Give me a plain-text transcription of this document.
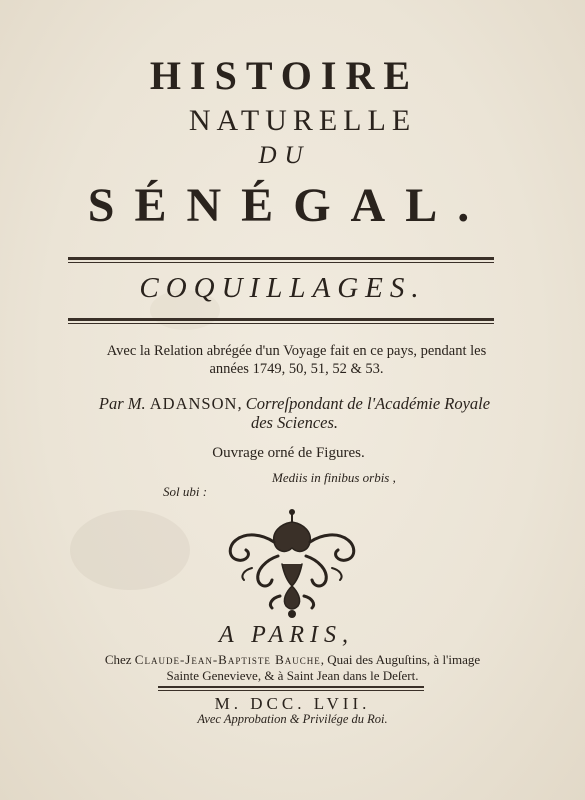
HISTOIRE
NATURELLE
DU
SÉNÉGAL.
COQUILLAGES.
Avec la Relation abrégée d'un Voyage fait en ce pays, pendant les
années 1749, 50, 51, 52 & 53.
Par M. ADANSON, Correſpondant de l'Académie Royale
des Sciences.
Ouvrage orné de Figures.
Mediis in finibus orbis ,
Sol ubi :
A PARIS,
Chez Claude-Jean-Baptiste Bauche, Quai des Auguſtins, à l'image
Sainte Genevieve, & à Saint Jean dans le Deſert.
M. DCC. LVII.
Avec Approbation & Privilége du Roi.
